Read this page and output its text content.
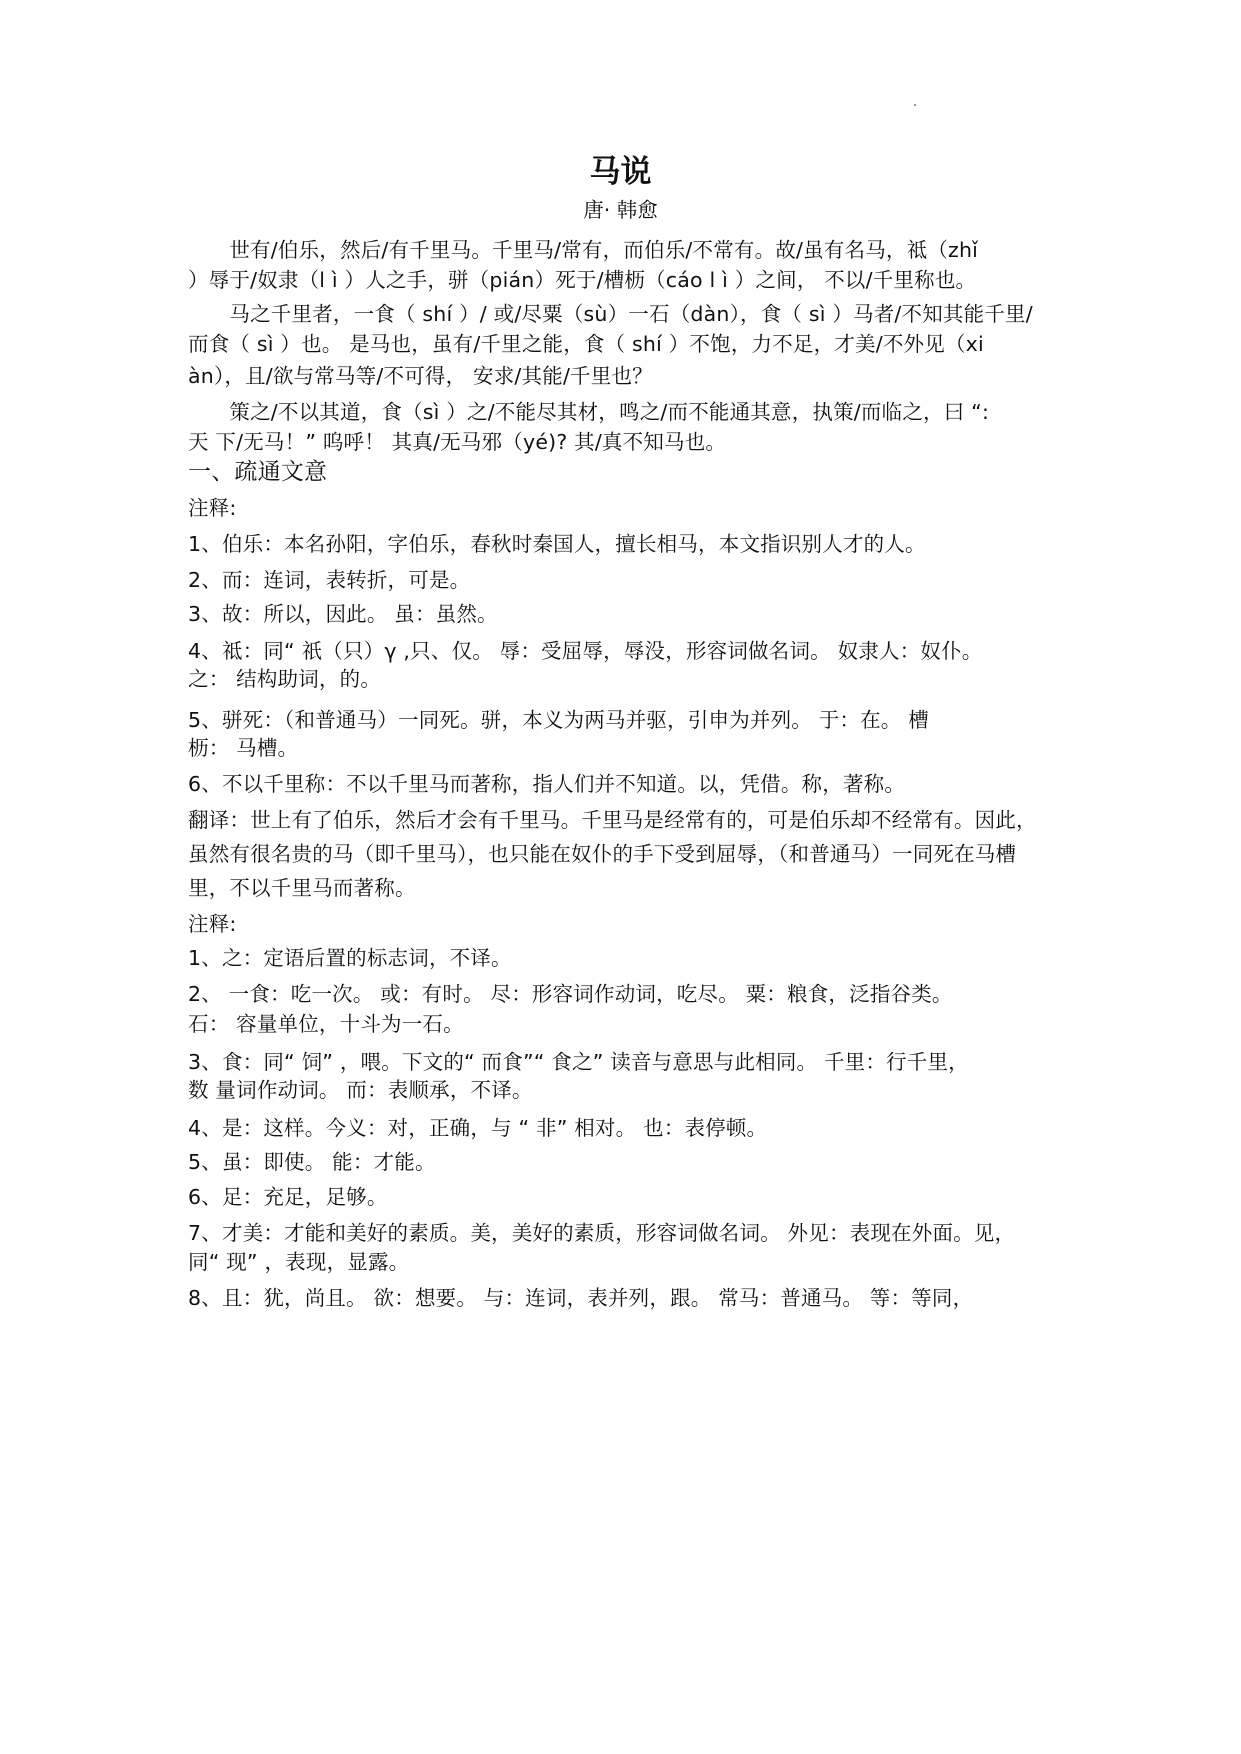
马说
唐· 韩愈
　　世有/伯乐，然后/有千里马。千里马/常有，而伯乐/不常有。故/虽有名马，祗（zhǐ
）辱于/奴隶（l ì ）人之手，骈（pián）死于/槽枥（cáo l ì ）之间， 不以/千里称也。
　　马之千里者，一食（ shí ）/ 或/尽粟（sù）一石（dàn），食（ sì ）马者/不知其能千里/
而食（ sì ）也。 是马也，虽有/千里之能，食（ shí ）不饱，力不足，才美/不外见（xi
àn），且/欲与常马等/不可得， 安求/其能/千里也？
　　策之/不以其道，食（sì ）之/不能尽其材，鸣之/而不能通其意，执策/而临之，曰 “:
天 下/无马！” 呜呼！ 其真/无马邪（yé)? 其/真不知马也。
一、疏通文意
注释:
1、伯乐：本名孙阳，字伯乐，春秋时秦国人，擅长相马，本文指识别人才的人。
2、而：连词，表转折，可是。
3、故：所以，因此。 虽：虽然。
4、祗：同“ 祇（只）γ ,只、仅。 辱：受屈辱，辱没，形容词做名词。 奴隶人：奴仆。
之： 结构助词，的。
5、骈死：（和普通马）一同死。骈，本义为两马并驱，引申为并列。 于：在。 槽
枥： 马槽。
6、不以千里称：不以千里马而著称，指人们并不知道。以，凭借。称，著称。
翻译：世上有了伯乐，然后才会有千里马。千里马是经常有的，可是伯乐却不经常有。因此，
虽然有很名贵的马（即千里马），也只能在奴仆的手下受到屈辱，（和普通马）一同死在马槽
里，不以千里马而著称。
注释:
1、之：定语后置的标志词，不译。
2、 一食：吃一次。 或：有时。 尽：形容词作动词，吃尽。 粟：粮食，泛指谷类。
石： 容量单位，十斗为一石。
3、食：同“ 饲” ，喂。下文的“ 而食”“ 食之” 读音与意思与此相同。 千里：行千里，
数 量词作动词。 而：表顺承，不译。
4、是：这样。今义：对，正确，与 “ 非” 相对。 也：表停顿。
5、虽：即使。 能：才能。
6、足：充足，足够。
7、才美：才能和美好的素质。美，美好的素质，形容词做名词。 外见：表现在外面。见，
同“ 现” ，表现，显露。
8、且：犹，尚且。 欲：想要。 与：连词，表并列，跟。 常马：普通马。 等：等同，
